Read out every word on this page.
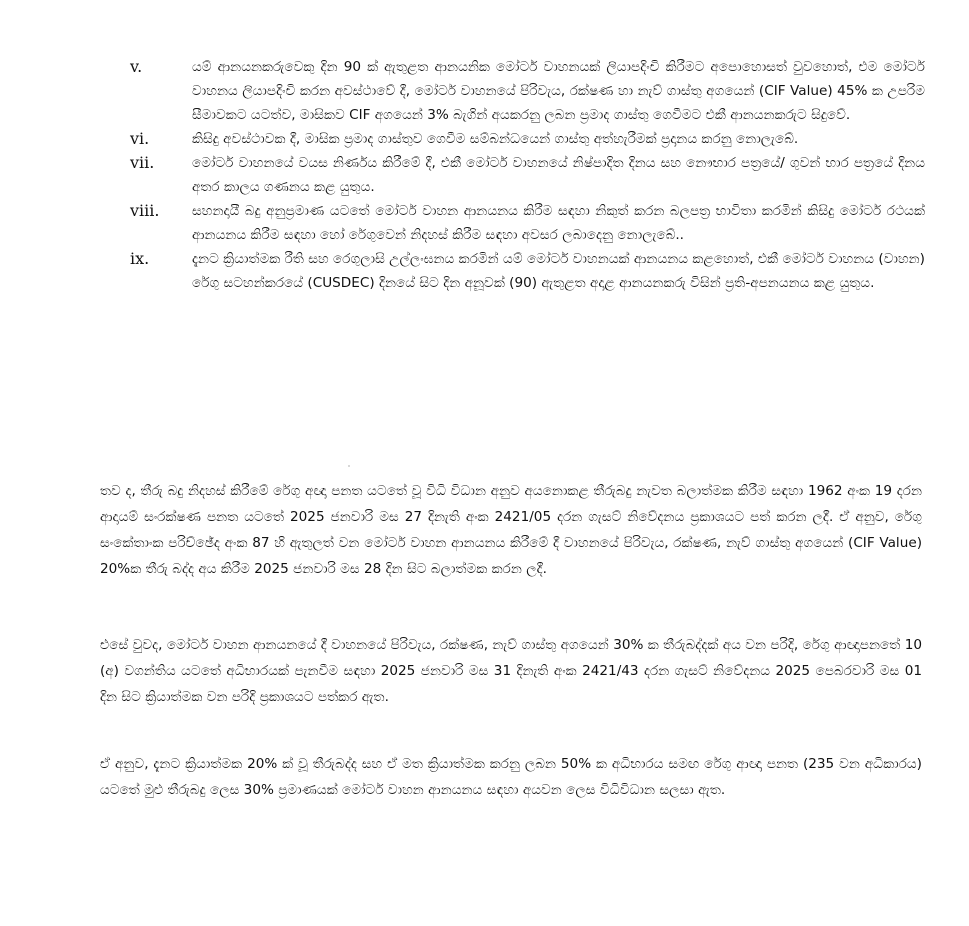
v.	යම් ආනයනකරුවෙකු දින 90 ක් ඇතුළත ආනයනික මෝටර් වාහනයක් ලියාපදිංචි කිරීමට අපොහොසත් වුවහොත්, එම මෝටර් වාහනය ලියාපදිංචි කරන අවස්ථාවේ දී, මෝටර් වාහනයේ පිරිවැය, රක්ෂණ හා නැව් ගාස්තු අගයෙන් (CIF Value) 45% ක උපරිම සීමාවකට යටත්ව, මාසිකව CIF අගයෙන් 3% බැගින් අයකරනු ලබන ප්‍රමාද ගාස්තු ගෙවීමට එකී ආනයනකරුට සිදුවේ.
vi.	කිසිදු අවස්ථාවක දී, මාසික ප්‍රමාද ගාස්තුව ගෙවීම සම්බන්ධයෙන් ගාස්තු අත්හැරීමක් ප්‍රදානය කරනු නොලැබේ.
vii.	මෝටර් වාහනයේ වයස නිර්ණය කිරීමේ දී, එකී මෝටර් වාහනයේ නිෂ්පාදිත දිනය සහ නෞභාර පත්‍රයේ/ ගුවන් භාර පත්‍රයේ දිනය අතර කාලය ගණනය කළ යුතුය.
viii.	සහනදායී බදු අනුප්‍රමාණ යටතේ මෝටර් වාහන ආනයනය කිරීම සඳහා නිකුත් කරන බලපත්‍ර භාවිතා කරමින් කිසිදු මෝටර් රථයක් ආනයනය කිරීම සඳහා හෝ රේගුවෙන් නිදහස් කිරීම සඳහා අවසර ලබාදෙනු නොලැබේ..
ix.	දැනට ක්‍රියාත්මක රීති සහ රෙගුලාසි උල්ලංඝනය කරමින් යම් මෝටර් වාහනයක් ආනයනය කළහොත්, එකී මෝටර් වාහනය (වාහන) රේගු සටහන්කරයේ (CUSDEC) දිනයේ සිට දින අනූවක් (90) ඇතුළත අදාළ ආනයනකරු විසින් ප්‍රති-අපනයනය කළ යුතුය.
තව ද, තීරු බදු නිදහස් කිරීමේ රේගු අඥා පනත යටතේ වූ විධි විධාන අනුව අයනොකළ තීරුබදු නැවත බලාත්මක කිරීම සඳහා 1962 අංක 19 දරන ආදායම් සංරක්ෂණ පනත යටතේ 2025 ජනවාරි මස 27 දිනැති අංක 2421/05 දරන ගැසට් නිවේදනය ප්‍රකාශයට පත් කරන ලදී. ඒ අනුව, රේගු සංකේතාංක පරිච්ඡේද අංක 87 හි ඇතුලත් වන මෝටර් වාහන ආනයනය කිරීමේ දී වාහනයේ පිරිවැය, රක්ෂණ, නැව් ගාස්තු අගයෙන් (CIF Value) 20%ක තීරු බද්ද අය කිරීම 2025 ජනවාරි මස 28 දින සිට බලාත්මක කරන ලදී.
එසේ වුවද, මෝටර් වාහන ආනයනයේ දී වාහනයේ පිරිවැය, රක්ෂණ, නැව් ගාස්තු අගයෙන් 30% ක තීරුබද්දක් අය වන පරිදි, රේගු ආඥාපනතේ 10 (අ) වගන්තිය යටතේ අධිභාරයක් පැනවීම සඳහා 2025 ජනවාරි මස 31 දිනැති අංක 2421/43 දරන ගැසට් නිවේදනය 2025 පෙබරවාරි මස 01 දින සිට ක්‍රියාත්මක වන පරිදි ප්‍රකාශයට පත්කර ඇත.
ඒ අනුව, දැනට ක්‍රියාත්මක 20% ක් වූ තීරුබද්ද සහ ඒ මත ක්‍රියාත්මක කරනු ලබන 50% ක අධිභාරය සමඟ රේගු ආඥා පනත (235 වන අධිකාරය) යටතේ මුළු තීරුබදු ලෙස 30% ප්‍රමාණයක් මෝටර් වාහන ආනයනය සඳහා අයවන ලෙස විධිවිධාන සලසා ඇත.
